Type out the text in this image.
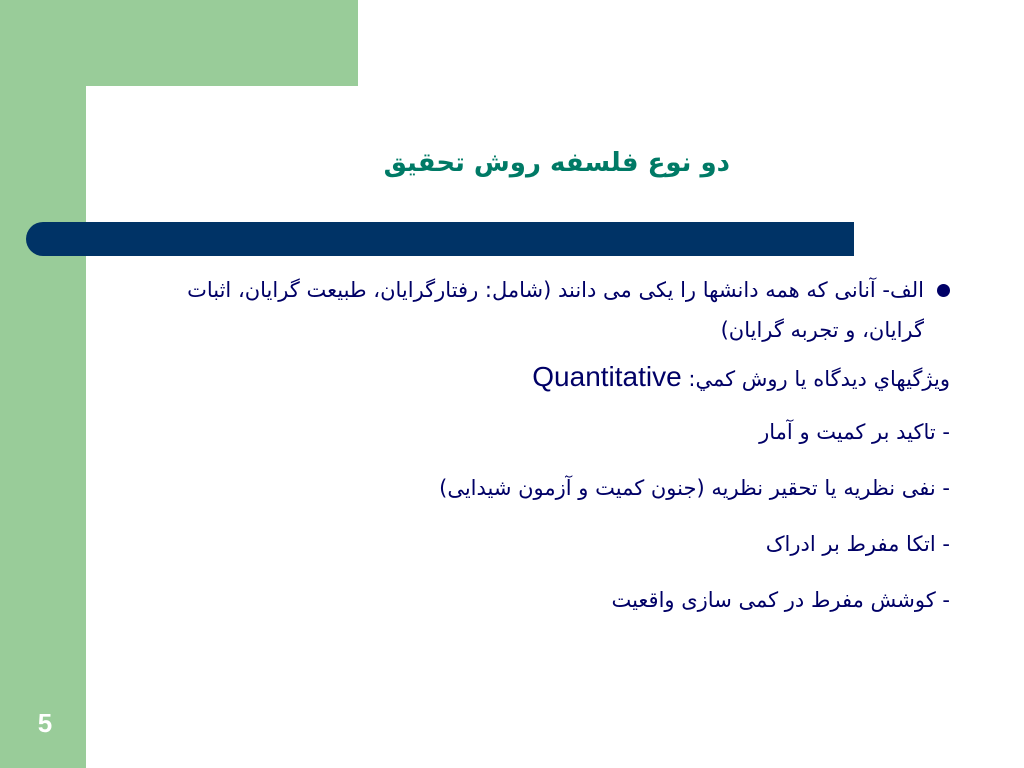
5
دو نوع فلسفه روش تحقیق
الف- آنانی که همه دانشها را یکی می دانند (شامل: رفتارگرایان، طبیعت گرایان، اثبات گرایان، و تجربه گرایان)
ويژگيهاي ديدگاه يا روش كمي: Quantitative
- تاکید بر کمیت و آمار
- نفی نظریه یا تحقیر نظریه (جنون کمیت و آزمون شیدایی)
- اتکا مفرط بر ادراک
- کوشش مفرط در کمی سازی واقعیت
